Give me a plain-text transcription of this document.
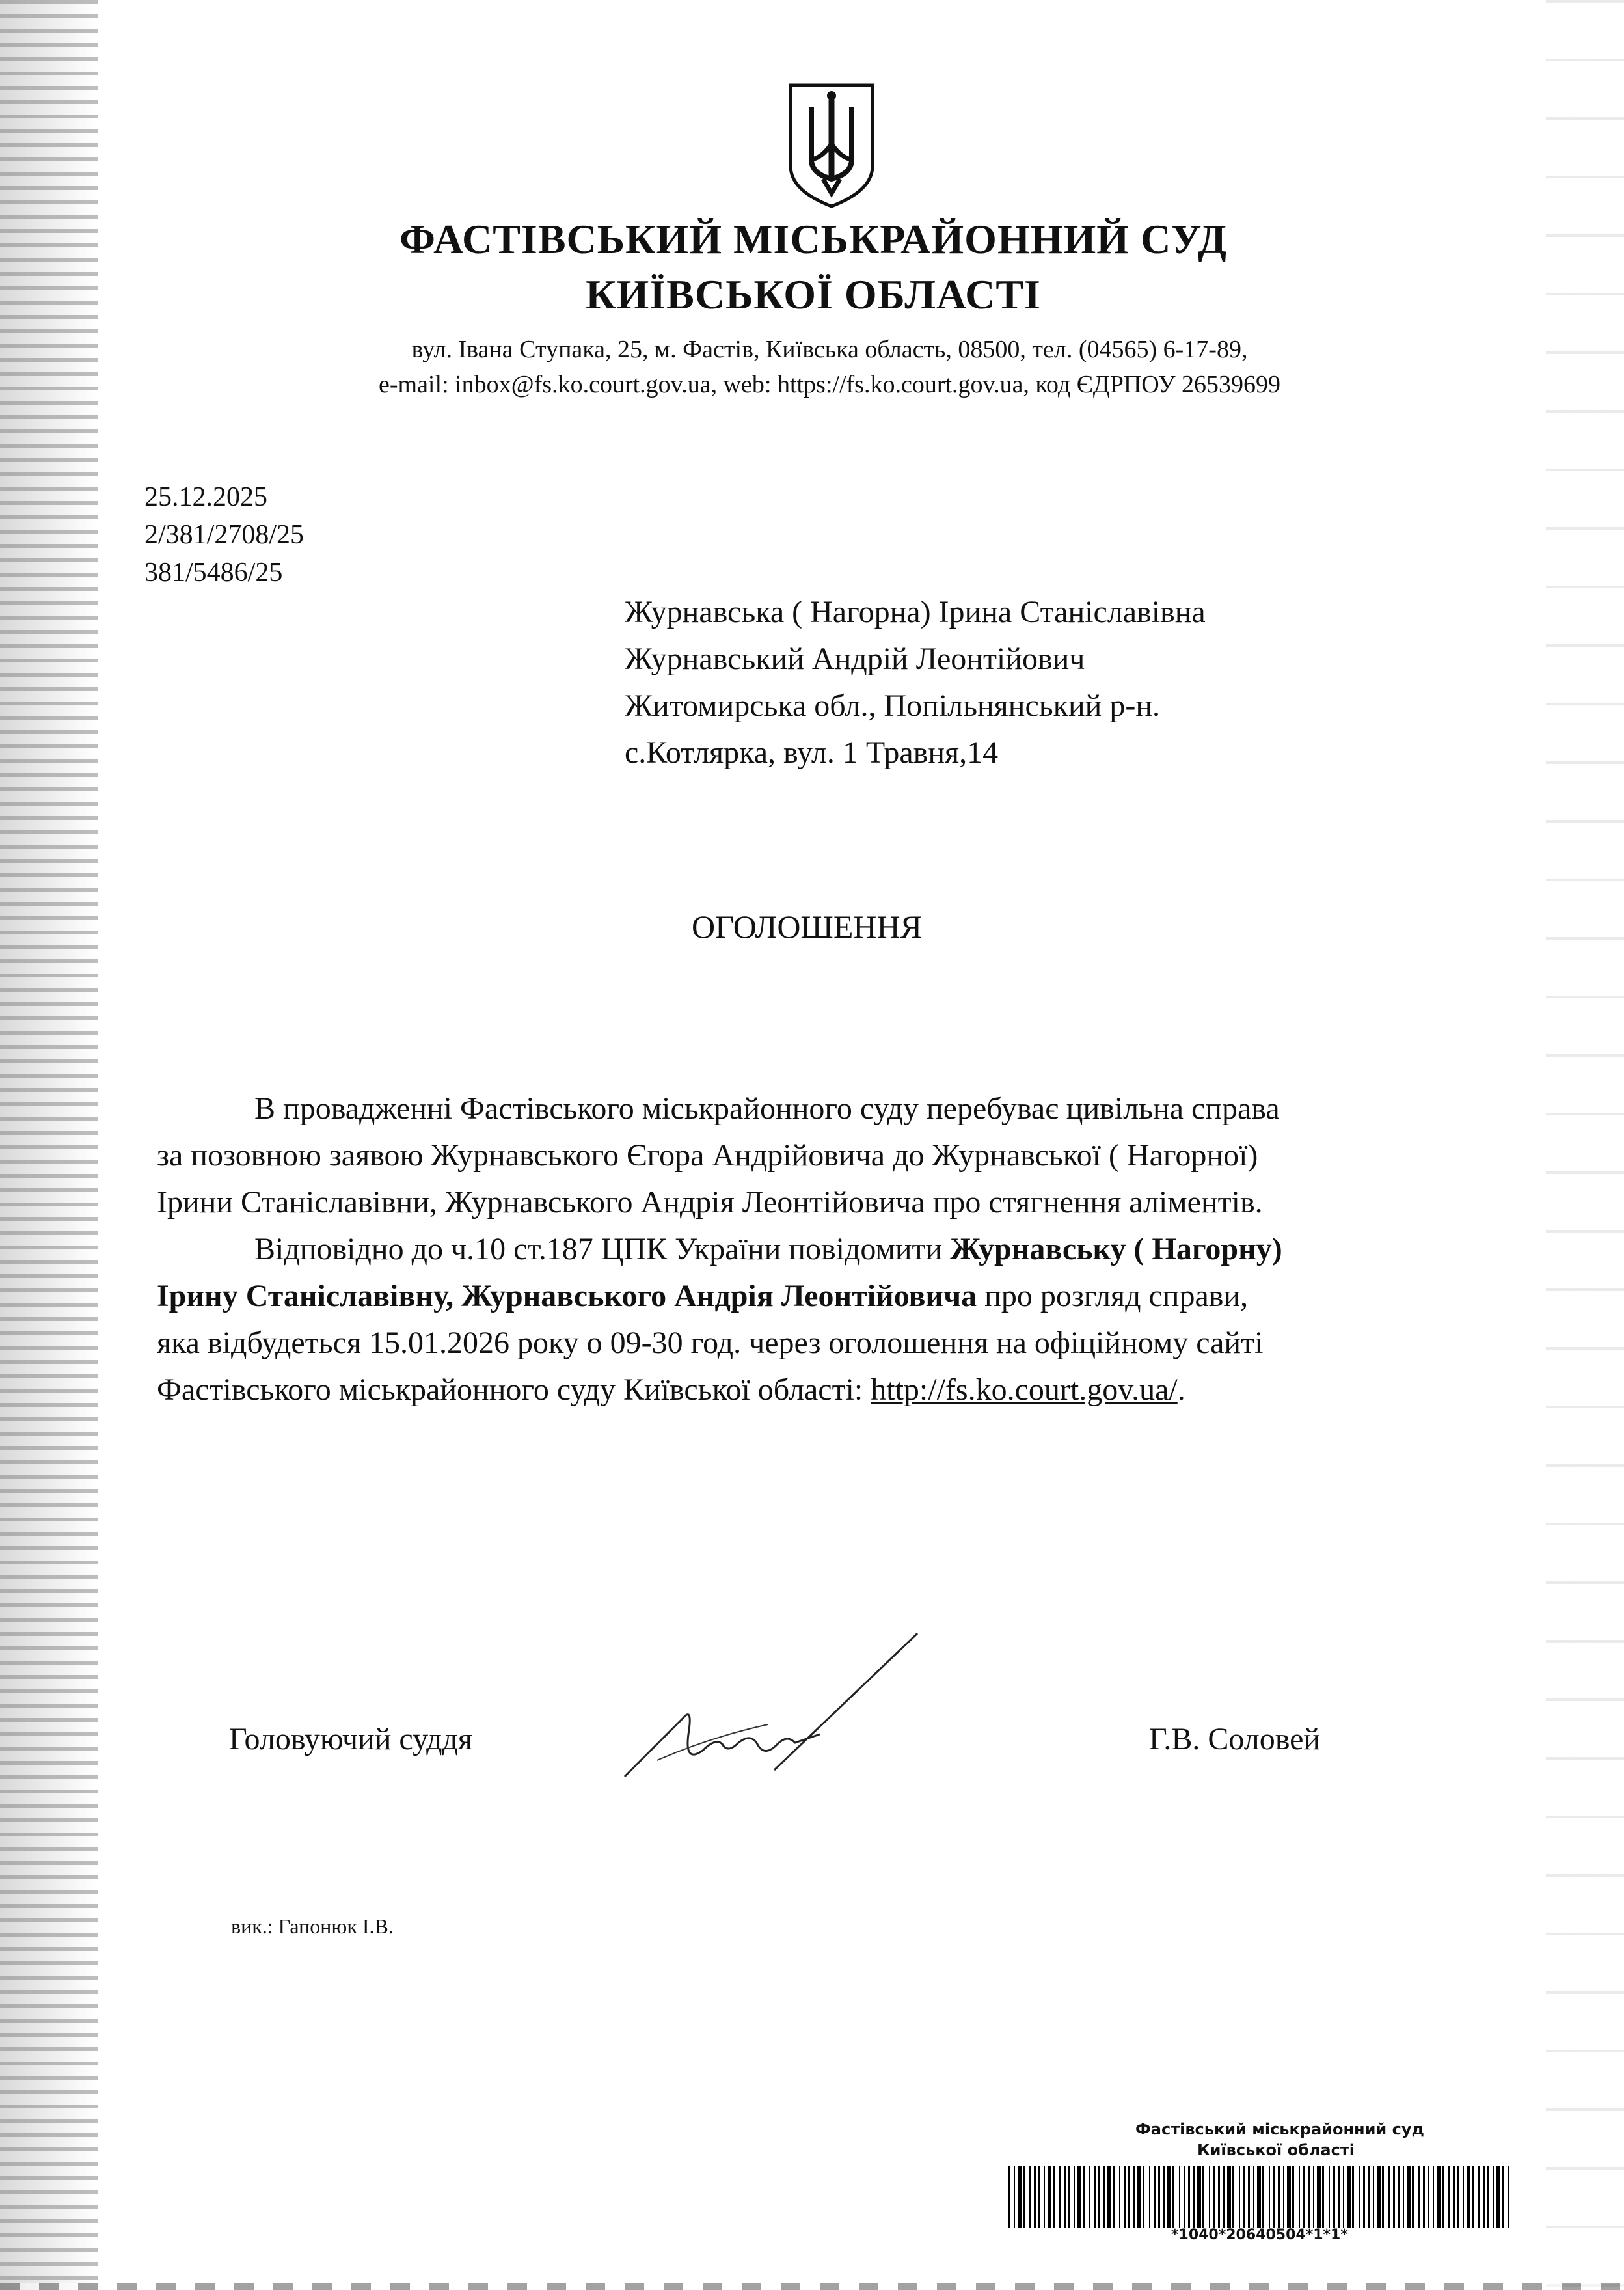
ФАСТІВСЬКИЙ МІСЬКРАЙОННИЙ СУД
КИЇВСЬКОЇ ОБЛАСТІ
вул. Івана Ступака, 25, м. Фастів, Київська область, 08500, тел. (04565) 6-17-89,
e-mail: inbox@fs.ko.court.gov.ua, web: https://fs.ko.court.gov.ua, код ЄДРПОУ 26539699
25.12.2025
2/381/2708/25
381/5486/25
Журнавська ( Нагорна) Ірина Станіславівна
Журнавський Андрій Леонтійович
Житомирська обл., Попільнянський р-н.
с.Котлярка, вул. 1 Травня,14
ОГОЛОШЕННЯ
В провадженні Фастівського міськрайонного суду перебуває цивільна справа
за позовною заявою Журнавського Єгора Андрійовича до Журнавської ( Нагорної)
Ірини Станіславівни, Журнавського Андрія Леонтійовича про стягнення аліментів.
Відповідно до ч.10 ст.187 ЦПК України повідомити Журнавську ( Нагорну)
Ірину Станіславівну, Журнавського Андрія Леонтійовича про розгляд справи,
яка відбудеться 15.01.2026 року о 09-30 год. через оголошення на офіційному сайті
Фастівського міськрайонного суду Київської області: http://fs.ko.court.gov.ua/.
Головуючий суддя	Г.В. Соловей
вик.: Гапонюк І.В.
Фастівський міськрайонний суд
Київської області
*1040*20640504*1*1*
